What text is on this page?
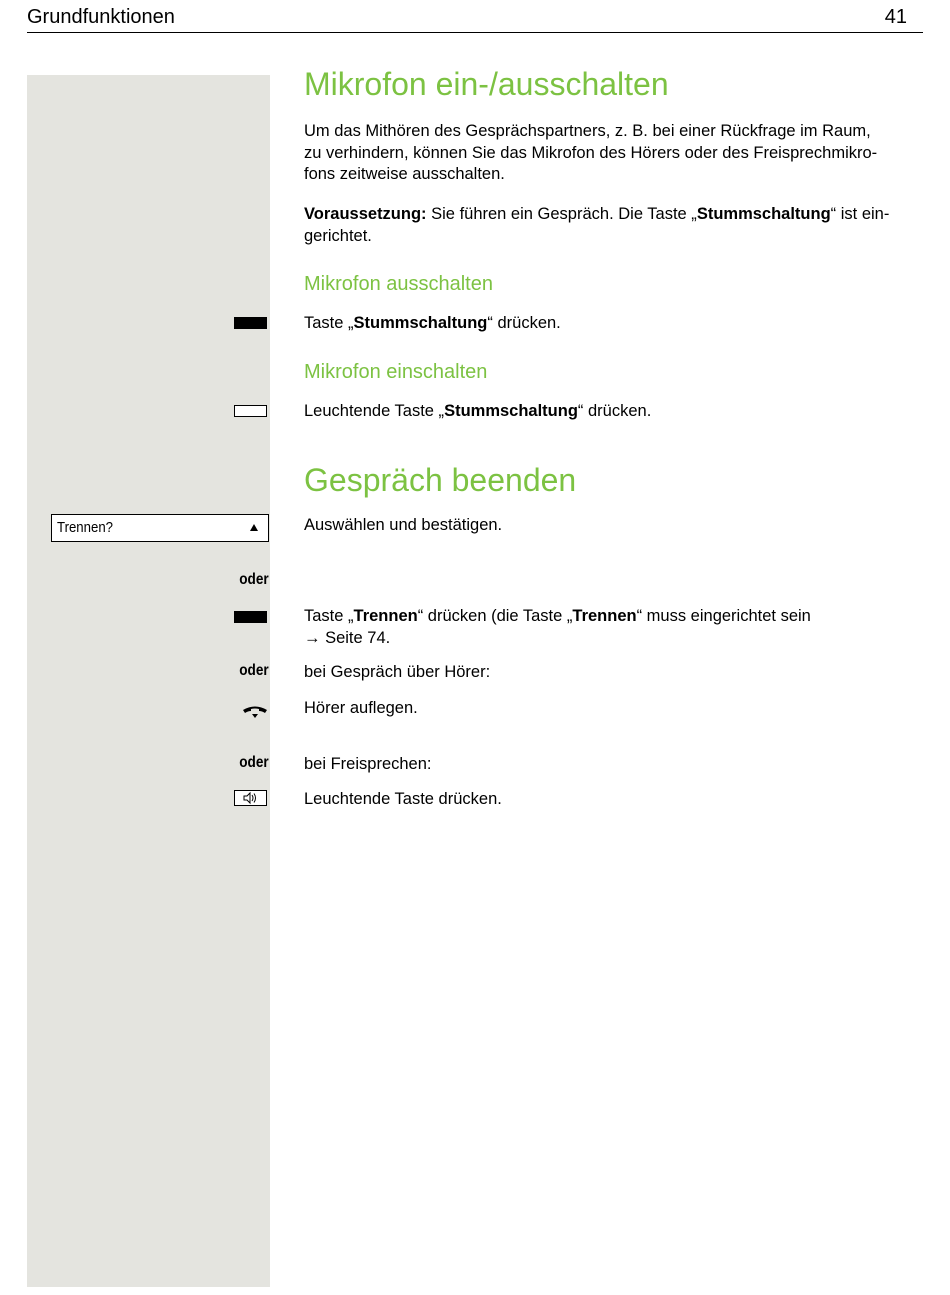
Grundfunktionen	41
Mikrofon ein-/ausschalten
Um das Mithören des Gesprächspartners, z. B. bei einer Rückfrage im Raum,
zu verhindern, können Sie das Mikrofon des Hörers oder des Freisprechmikro-
fons zeitweise ausschalten.
Voraussetzung: Sie führen ein Gespräch. Die Taste „Stummschaltung“ ist ein-
gerichtet.
Mikrofon ausschalten
Taste „Stummschaltung“ drücken.
Mikrofon einschalten
Leuchtende Taste „Stummschaltung“ drücken.
Gespräch beenden
Trennen?	Auswählen und bestätigen.
oder
Taste „Trennen“ drücken (die Taste „Trennen“ muss eingerichtet sein
→ Seite 74.
oder bei Gespräch über Hörer:
Hörer auflegen.
oder bei Freisprechen:
Leuchtende Taste drücken.
